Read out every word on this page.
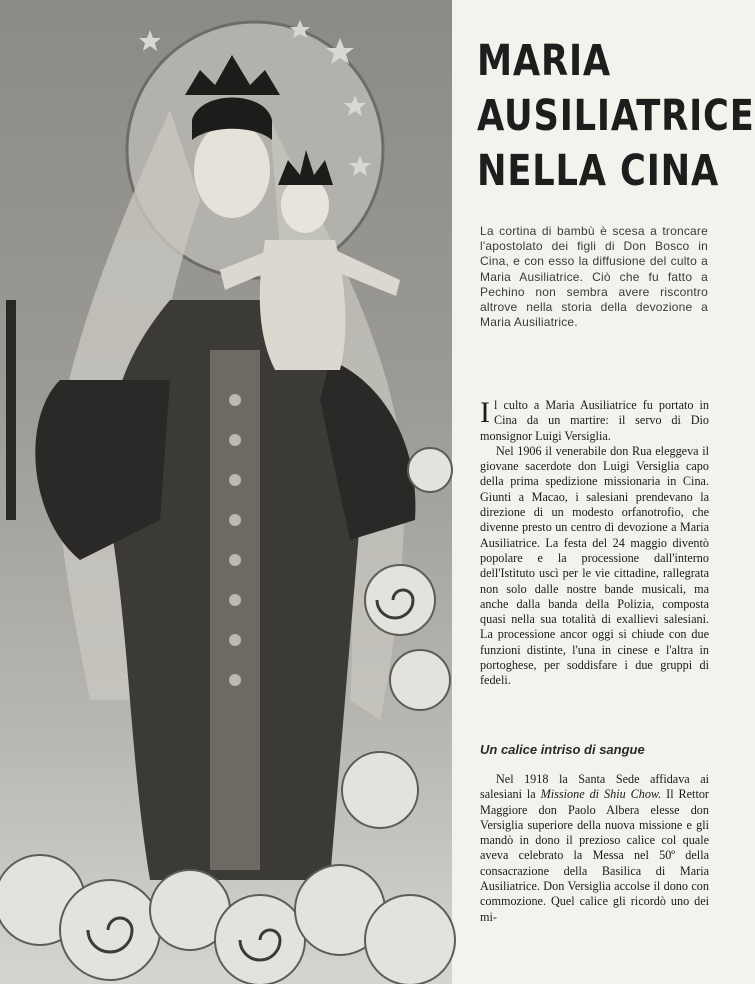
MARIA
AUSILIATRICE
NELLA CINA

La cortina di bambù è scesa a troncare l'apostolato dei figli di Don Bosco in Cina, e con esso la diffusione del culto a Maria Ausiliatrice. Ciò che fu fatto a Pechino non sembra avere riscontro altrove nella storia della devozione a Maria Ausiliatrice.

Il culto a Maria Ausiliatrice fu portato in Cina da un martire: il servo di Dio monsignor Luigi Versiglia.
Nel 1906 il venerabile don Rua eleggeva il giovane sacerdote don Luigi Versiglia capo della prima spedizione missionaria in Cina. Giunti a Macao, i salesiani prendevano la direzione di un modesto orfanotrofio, che divenne presto un centro di devozione a Maria Ausiliatrice. La festa del 24 maggio diventò popolare e la processione dall'interno dell'Istituto uscì per le vie cittadine, rallegrata non solo dalle nostre bande musicali, ma anche dalla banda della Polizia, composta quasi nella sua totalità di exallievi salesiani. La processione ancor oggi si chiude con due funzioni distinte, l'una in cinese e l'altra in portoghese, per soddisfare i due gruppi di fedeli.

Un calice intriso di sangue

Nel 1918 la Santa Sede affidava ai salesiani la Missione di Shiu Chow. Il Rettor Maggiore don Paolo Albera elesse don Versiglia superiore della nuova missione e gli mandò in dono il prezioso calice col quale aveva celebrato la Messa nel 50º della consacrazione della Basilica di Maria Ausiliatrice. Don Versiglia accolse il dono con commozione. Quel calice gli ricordò uno dei mi-
